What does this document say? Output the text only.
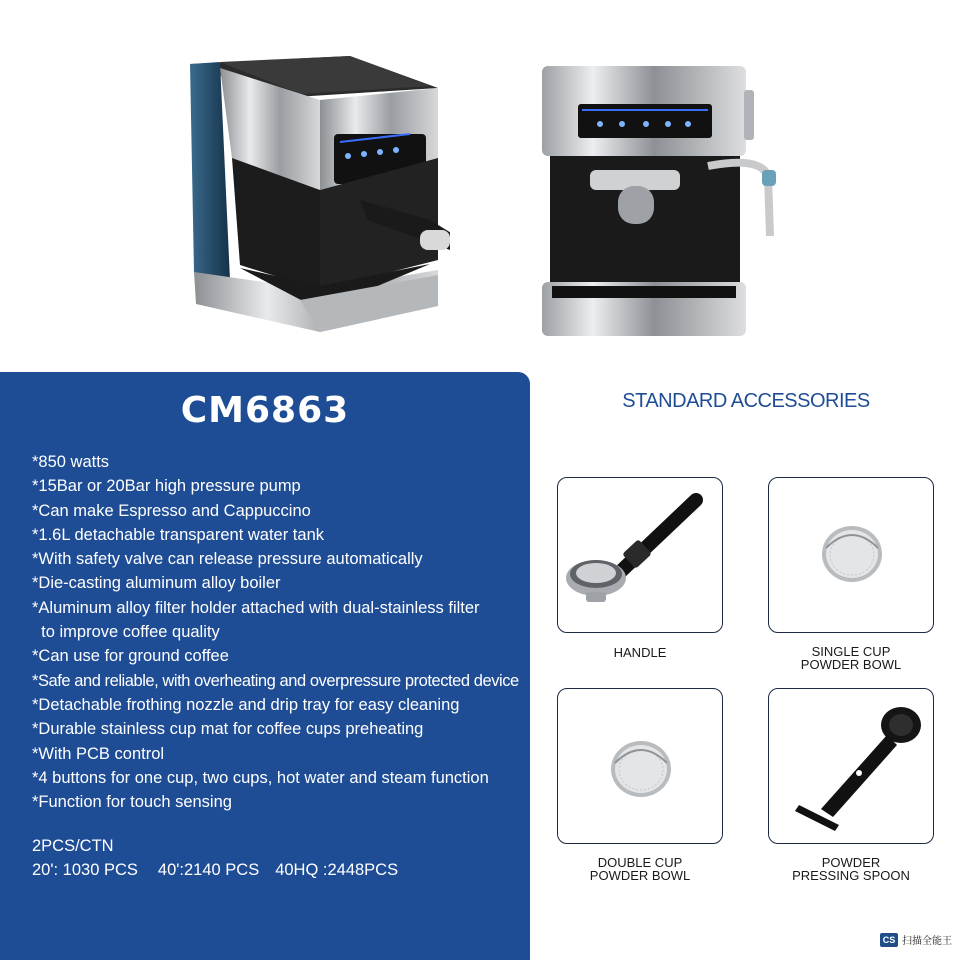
CM6863
*850 watts
*15Bar or 20Bar high pressure pump
*Can make Espresso and Cappuccino
*1.6L detachable transparent water tank
*With safety valve can release pressure automatically
*Die-casting aluminum alloy boiler
*Aluminum alloy filter holder attached with dual-stainless filter
to improve coffee quality
*Can use for ground coffee
*Safe and reliable, with overheating and overpressure protected device
*Detachable frothing nozzle and drip tray for easy cleaning
*Durable stainless cup mat for coffee cups preheating
*With PCB control
*4 buttons for one cup, two cups, hot water and steam function
*Function for touch sensing
2PCS/CTN
20': 1030 PCS 40':2140 PCS 40HQ :2448PCS
STANDARD ACCESSORIES
HANDLE	SINGLE CUP
POWDER BOWL
DOUBLE CUP
POWDER BOWL
POWDER
PRESSING SPOON
CS 扫描全能王
